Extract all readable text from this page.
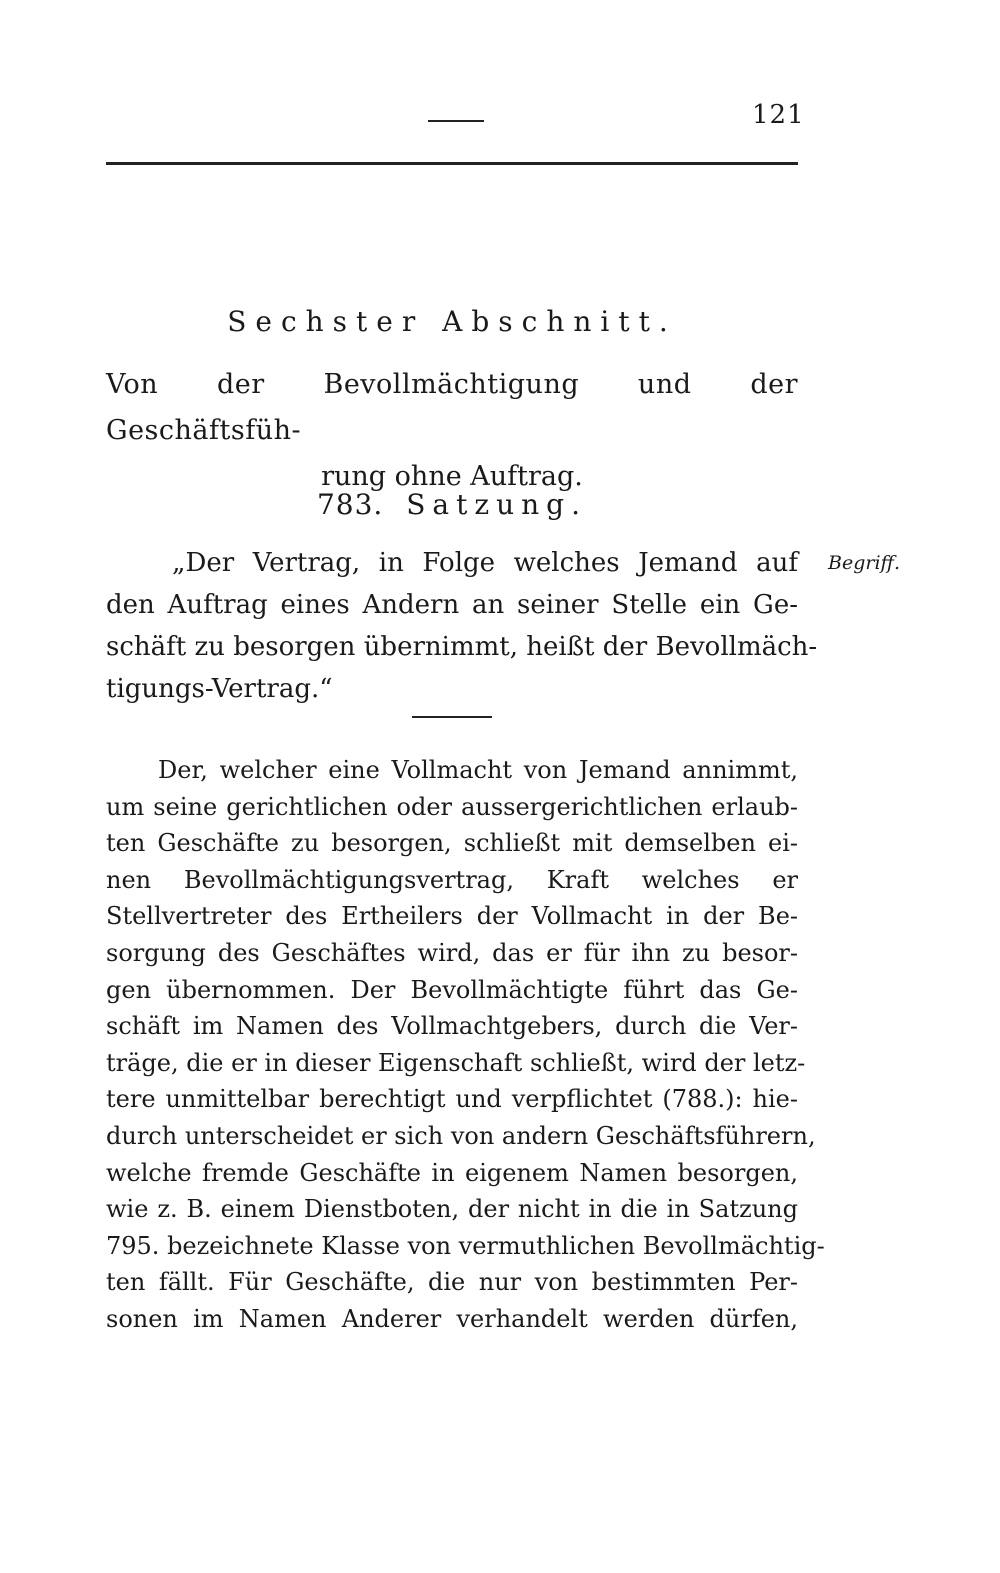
121
Sechster Abschnitt.
Von der Bevollmächtigung und der Geschäftsfüh-
rung ohne Auftrag.
783. Satzung.
Begriff.
„Der Vertrag, in Folge welches Jemand auf
den Auftrag eines Andern an seiner Stelle ein Ge-
schäft zu besorgen übernimmt, heißt der Bevollmäch-
tigungs-Vertrag.“
Der, welcher eine Vollmacht von Jemand annimmt,
um seine gerichtlichen oder aussergerichtlichen erlaub-
ten Geschäfte zu besorgen, schließt mit demselben ei-
nen Bevollmächtigungsvertrag, Kraft welches er
Stellvertreter des Ertheilers der Vollmacht in der Be-
sorgung des Geschäftes wird, das er für ihn zu besor-
gen übernommen. Der Bevollmächtigte führt das Ge-
schäft im Namen des Vollmachtgebers, durch die Ver-
träge, die er in dieser Eigenschaft schließt, wird der letz-
tere unmittelbar berechtigt und verpflichtet (788.): hie-
durch unterscheidet er sich von andern Geschäftsführern,
welche fremde Geschäfte in eigenem Namen besorgen,
wie z. B. einem Dienstboten, der nicht in die in Satzung
795. bezeichnete Klasse von vermuthlichen Bevollmächtig-
ten fällt. Für Geschäfte, die nur von bestimmten Per-
sonen im Namen Anderer verhandelt werden dürfen,
